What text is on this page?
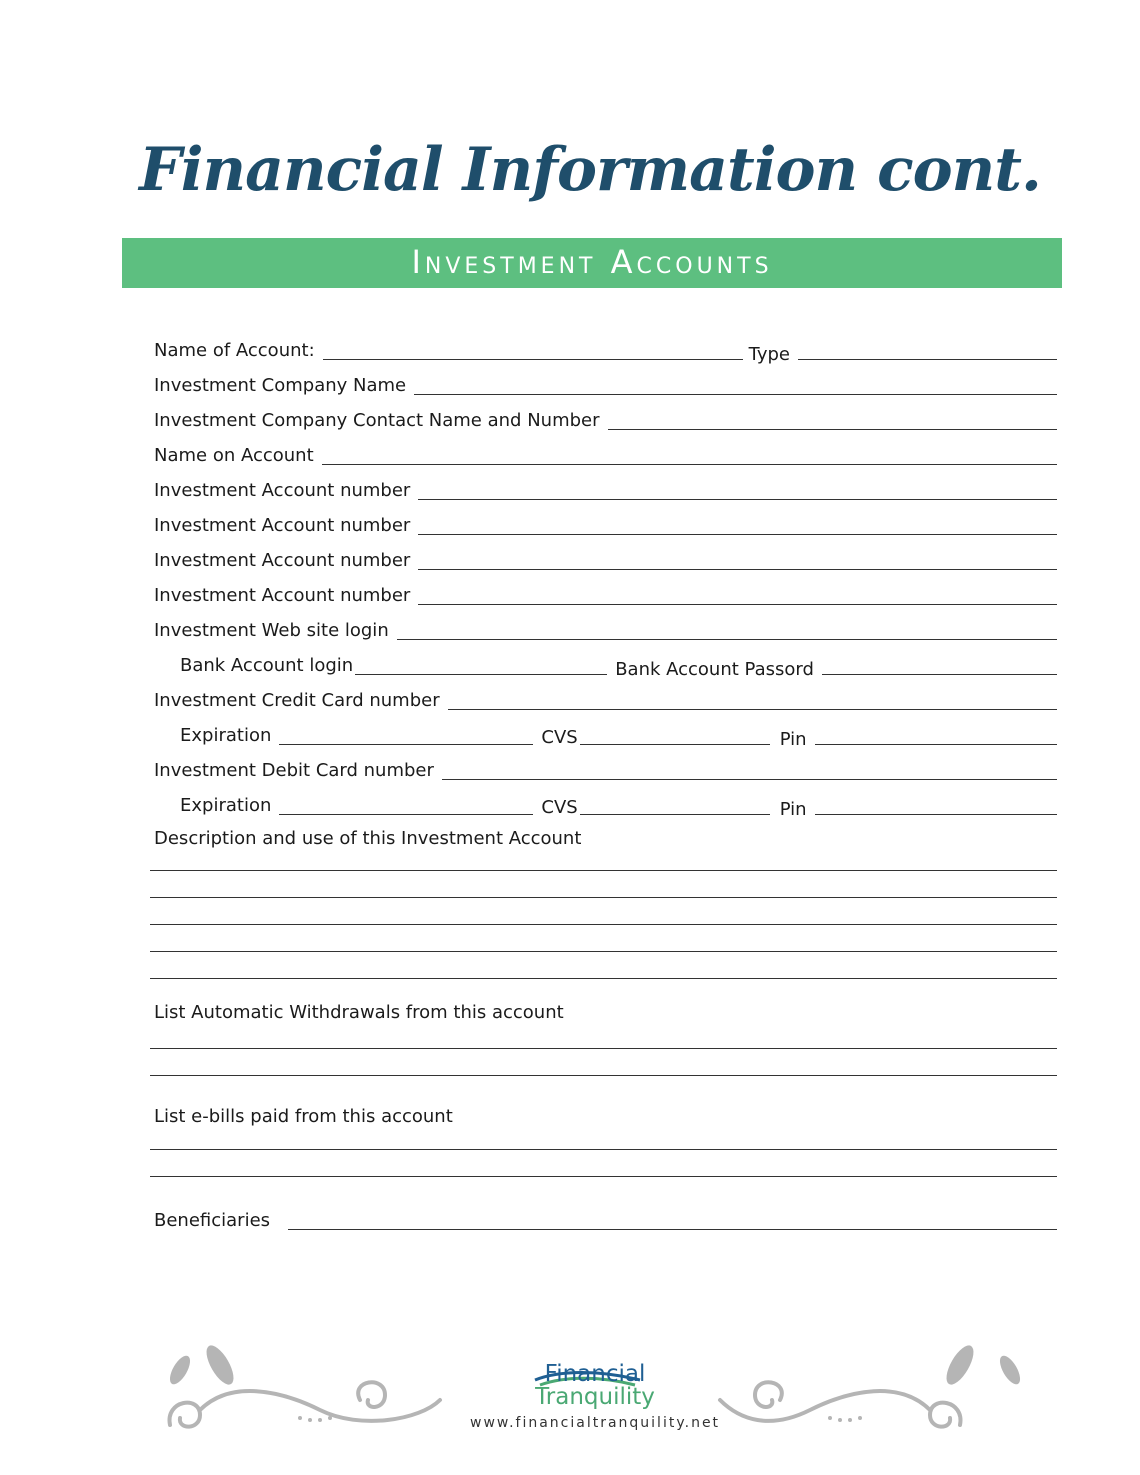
Financial Information cont.
Investment Accounts
Name of Account:	Type
Investment Company Name
Investment Company Contact Name and Number
Name on Account
Investment Account number
Investment Account number
Investment Account number
Investment Account number
Investment Web site login
Bank Account login	Bank Account Passord
Investment Credit Card number
Expiration	CVS	Pin
Investment Debit Card number
Expiration	CVS	Pin
Description and use of this Investment Account
List Automatic Withdrawals from this account
List e-bills paid from this account
Beneficiaries
Financial
Tranquility
www.financialtranquility.net
